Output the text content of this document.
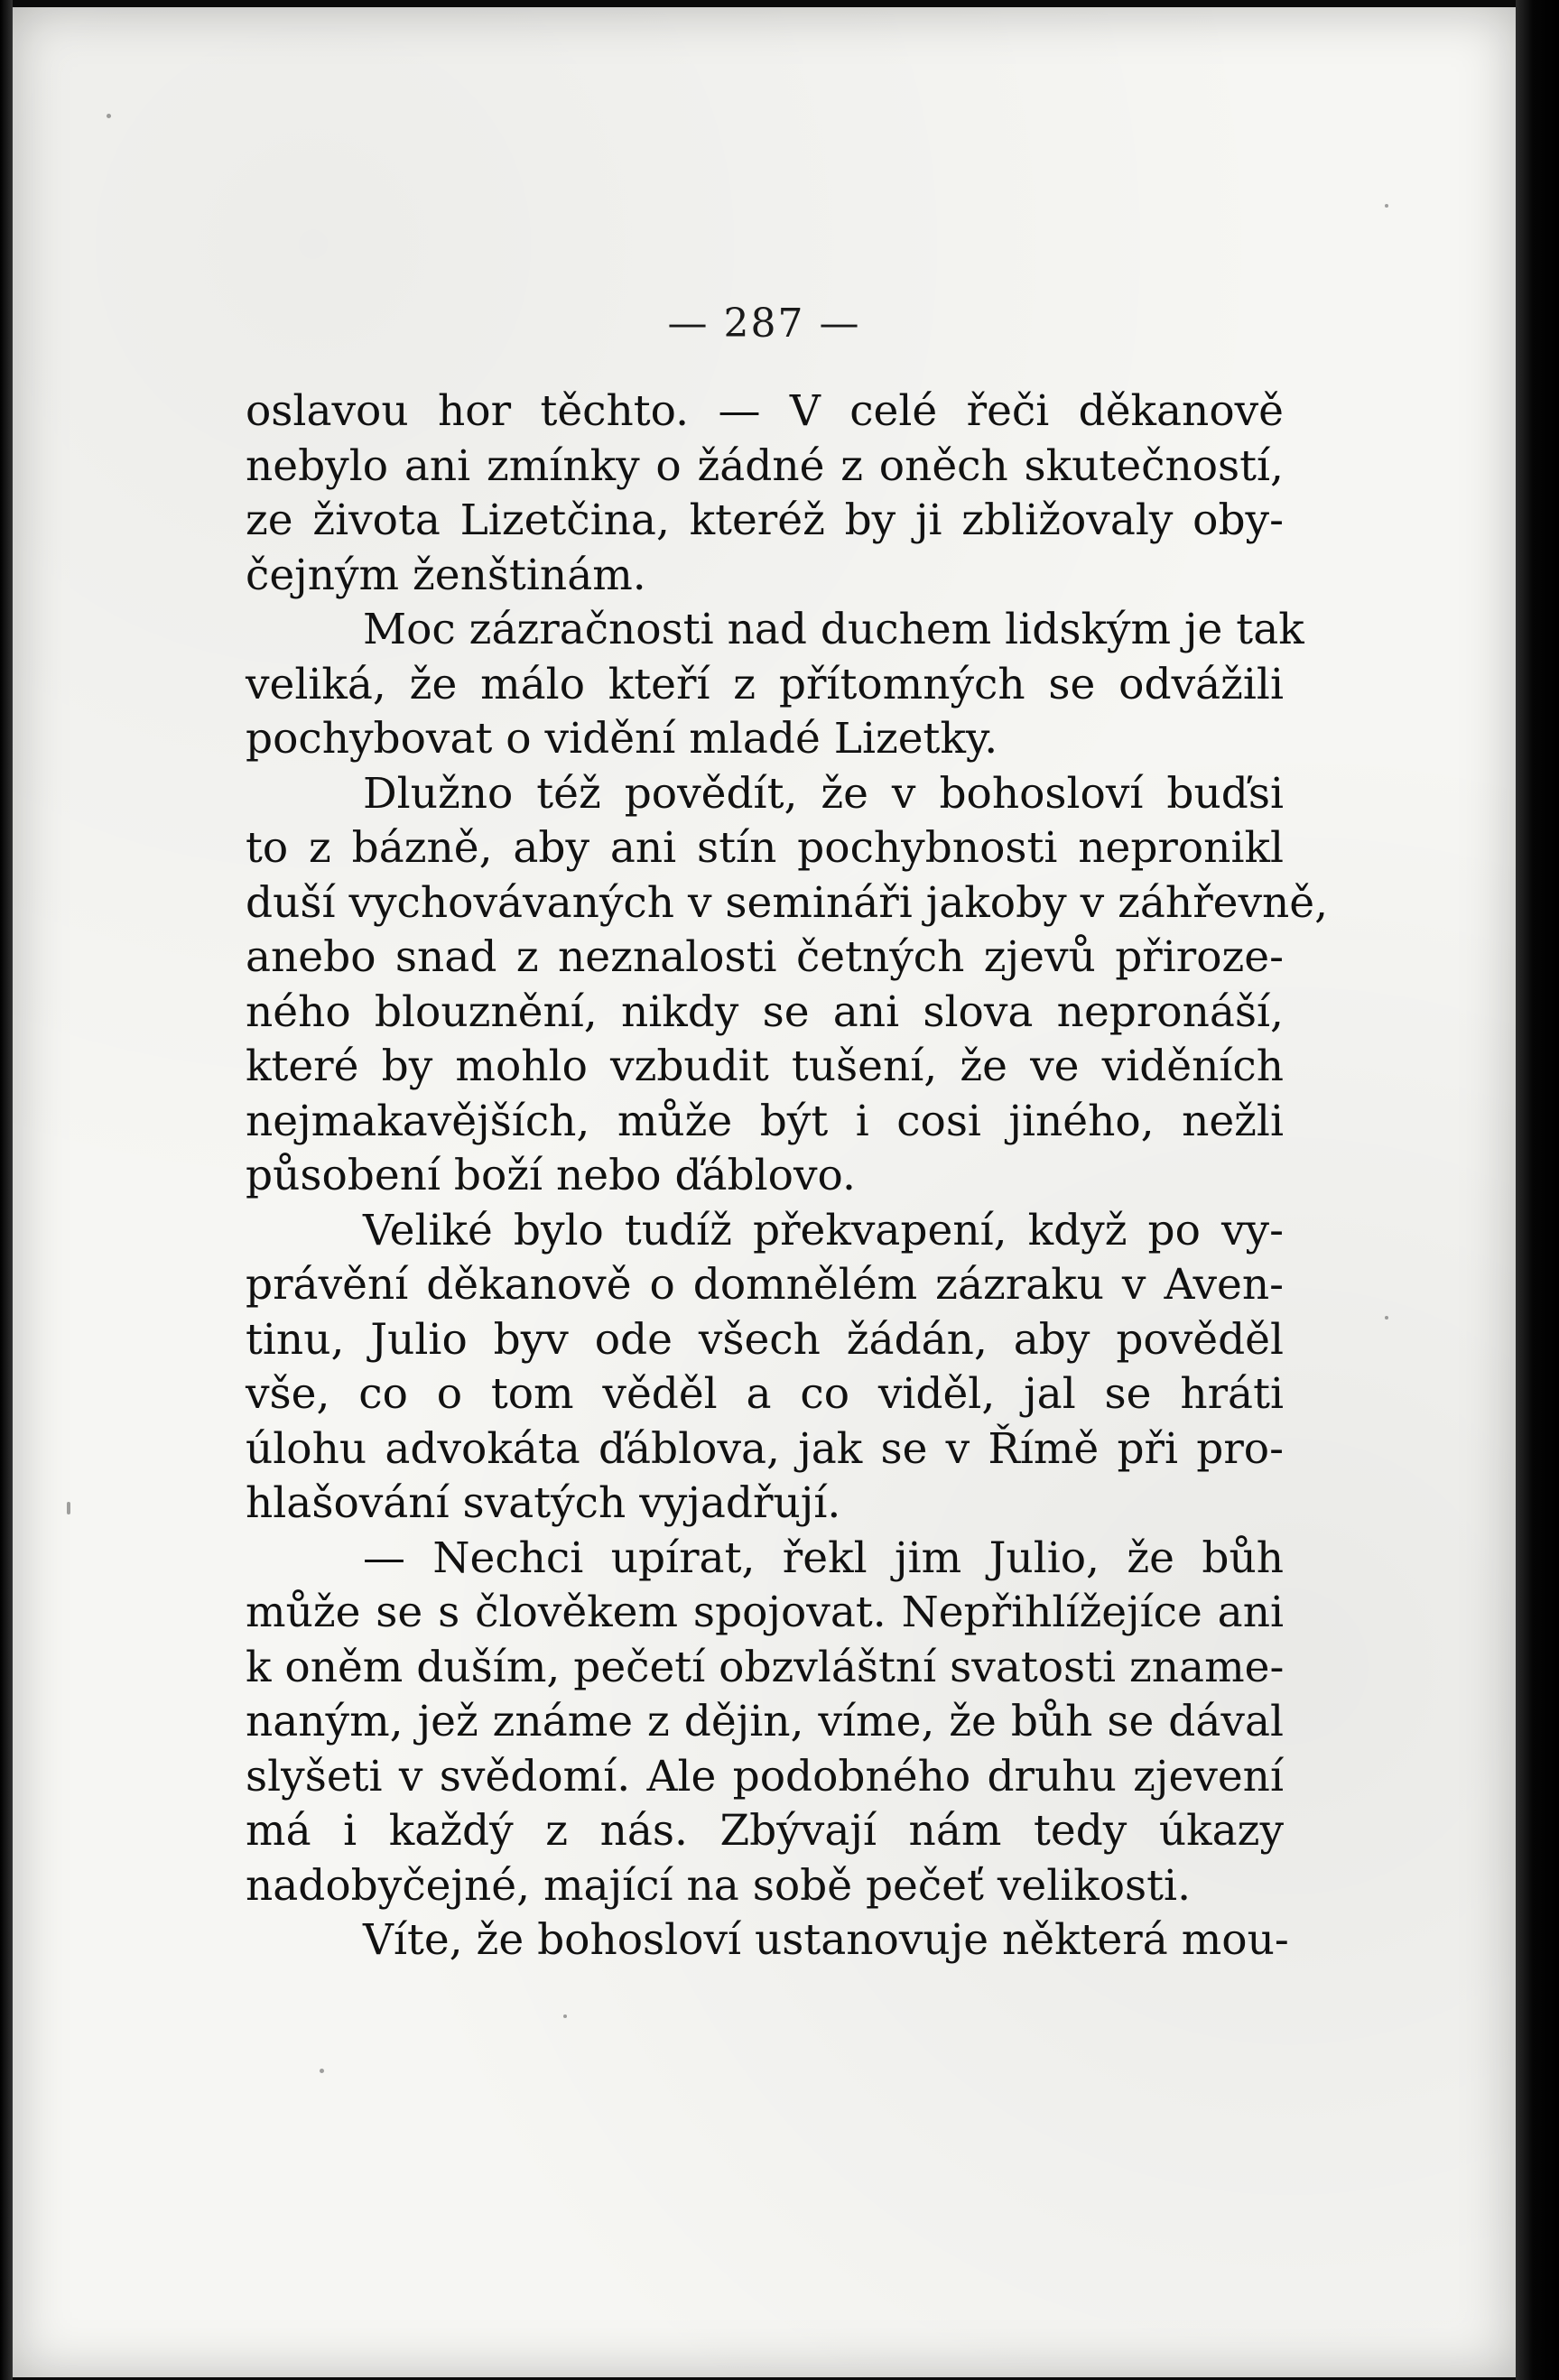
— 287 —
oslavou hor těchto. — V celé řeči děkanově
nebylo ani zmínky o žádné z oněch skutečností,
ze života Lizetčina, kteréž by ji zbližovaly oby-
čejným ženštinám.
Moc zázračnosti nad duchem lidským je tak
veliká, že málo kteří z přítomných se odvážili
pochybovat o vidění mladé Lizetky.
Dlužno též povědít, že v bohosloví buďsi
to z bázně, aby ani stín pochybnosti nepronikl
duší vychovávaných v semináři jakoby v záhřevně,
anebo snad z neznalosti četných zjevů přiroze-
ného blouznění, nikdy se ani slova nepronáší,
které by mohlo vzbudit tušení, že ve viděních
nejmakavějších, může být i cosi jiného, nežli
působení boží nebo ďáblovo.
Veliké bylo tudíž překvapení, když po vy-
právění děkanově o domnělém zázraku v Aven-
tinu, Julio byv ode všech žádán, aby pověděl
vše, co o tom věděl a co viděl, jal se hráti
úlohu advokáta ďáblova, jak se v Římě při pro-
hlašování svatých vyjadřují.
— Nechci upírat, řekl jim Julio, že bůh
může se s člověkem spojovat. Nepřihlížejíce ani
k oněm duším, pečetí obzvláštní svatosti zname-
naným, jež známe z dějin, víme, že bůh se dával
slyšeti v svědomí. Ale podobného druhu zjevení
má i každý z nás. Zbývají nám tedy úkazy
nadobyčejné, mající na sobě pečeť velikosti.
Víte, že bohosloví ustanovuje některá mou-
